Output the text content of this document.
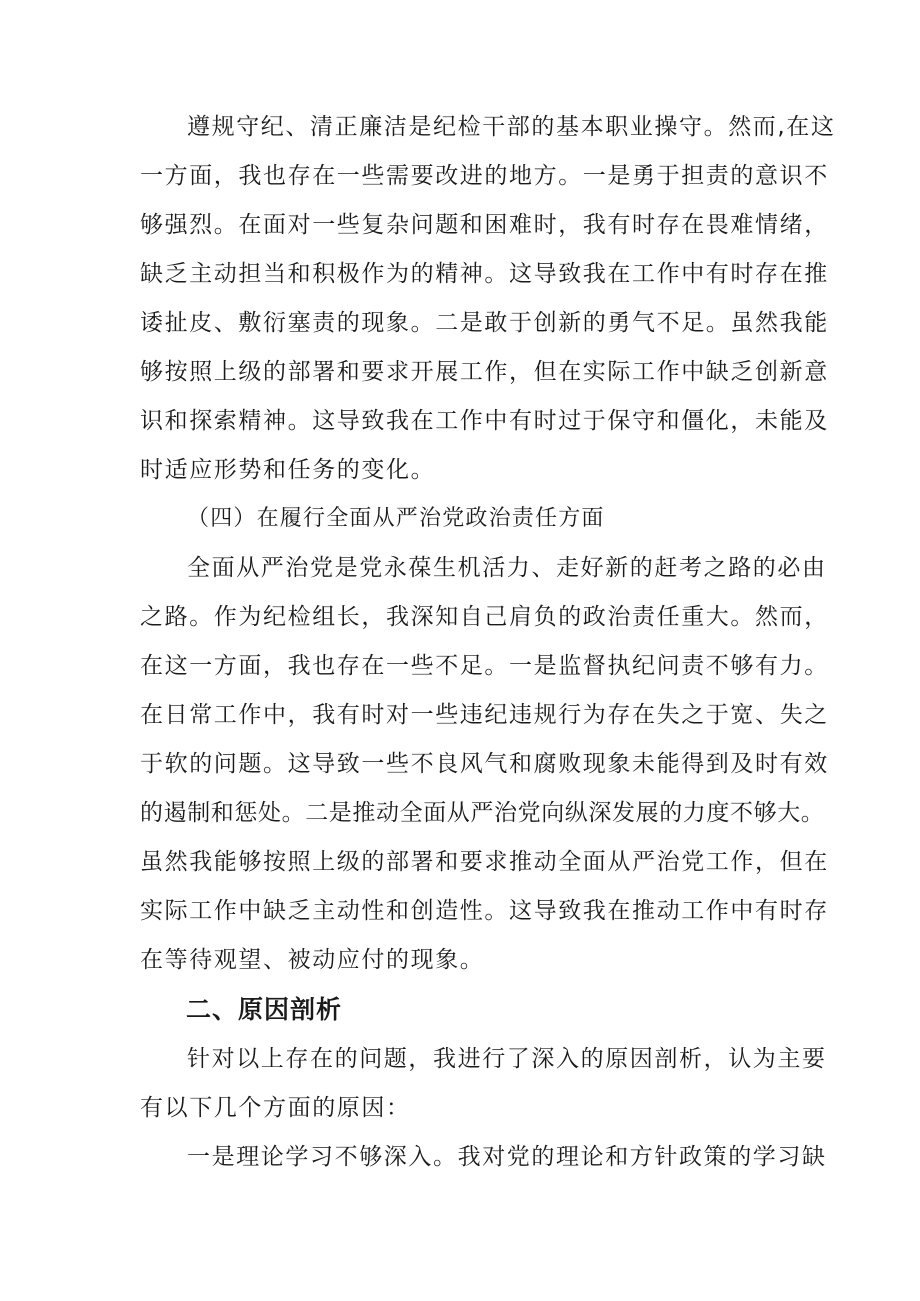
遵规守纪、清正廉洁是纪检干部的基本职业操守。然而,在这
一方面，我也存在一些需要改进的地方。一是勇于担责的意识不
够强烈。在面对一些复杂问题和困难时，我有时存在畏难情绪，
缺乏主动担当和积极作为的精神。这导致我在工作中有时存在推
诿扯皮、敷衍塞责的现象。二是敢于创新的勇气不足。虽然我能
够按照上级的部署和要求开展工作，但在实际工作中缺乏创新意
识和探索精神。这导致我在工作中有时过于保守和僵化，未能及
时适应形势和任务的变化。
（四）在履行全面从严治党政治责任方面
全面从严治党是党永葆生机活力、走好新的赶考之路的必由
之路。作为纪检组长，我深知自己肩负的政治责任重大。然而，
在这一方面，我也存在一些不足。一是监督执纪问责不够有力。
在日常工作中，我有时对一些违纪违规行为存在失之于宽、失之
于软的问题。这导致一些不良风气和腐败现象未能得到及时有效
的遏制和惩处。二是推动全面从严治党向纵深发展的力度不够大。
虽然我能够按照上级的部署和要求推动全面从严治党工作，但在
实际工作中缺乏主动性和创造性。这导致我在推动工作中有时存
在等待观望、被动应付的现象。
二、原因剖析
针对以上存在的问题，我进行了深入的原因剖析，认为主要
有以下几个方面的原因：
一是理论学习不够深入。我对党的理论和方针政策的学习缺
